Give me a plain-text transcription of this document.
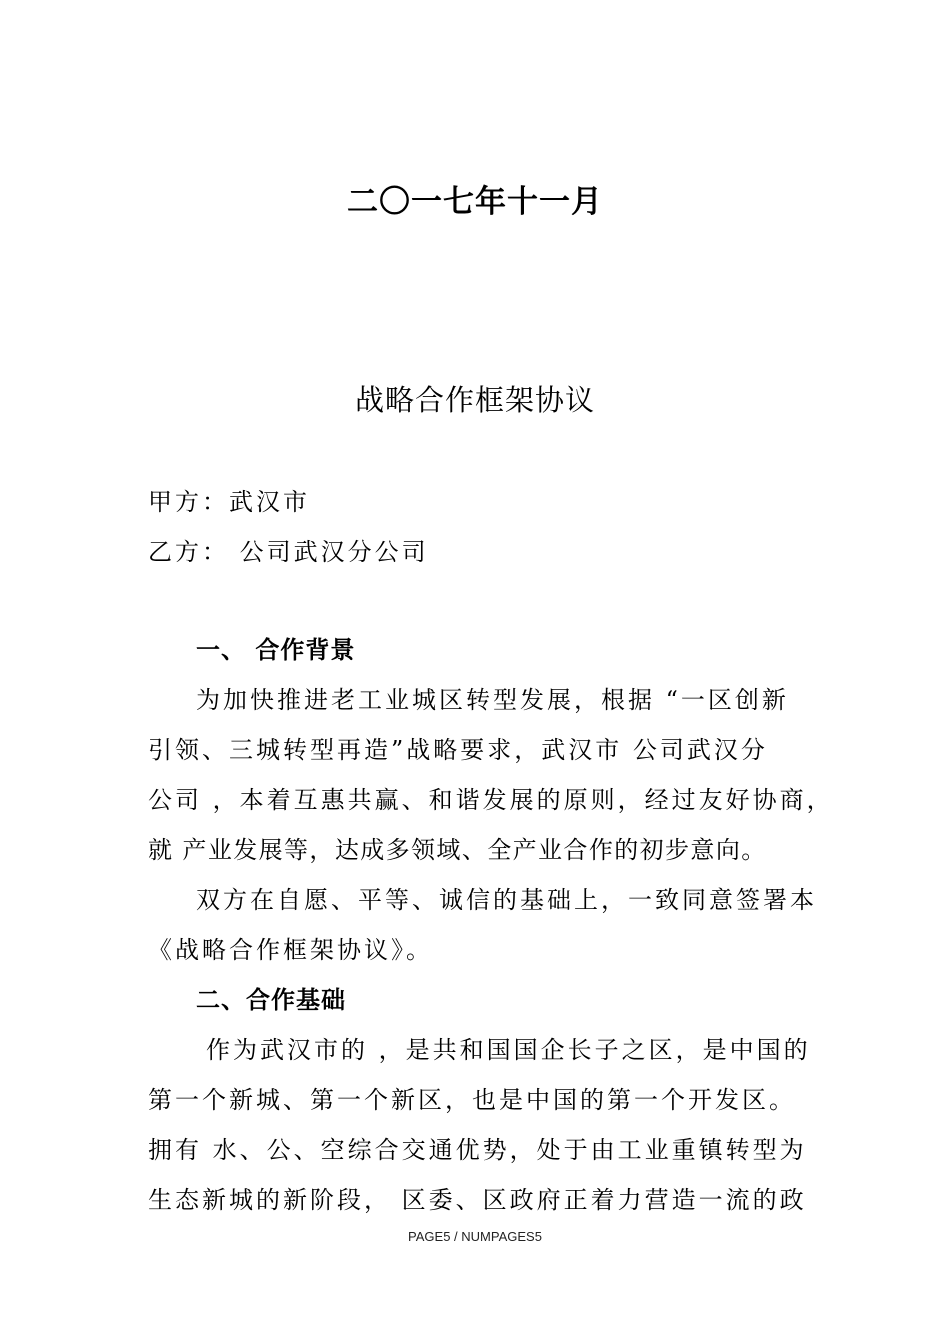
二〇一七年十一月
战略合作框架协议
甲方：武汉市
乙方： 公司武汉分公司
一、 合作背景
为加快推进老工业城区转型发展，根据 “一区创新
引领、三城转型再造”战略要求，武汉市 公司武汉分
公司 ，本着互惠共赢、和谐发展的原则，经过友好协商，
就 产业发展等，达成多领域、全产业合作的初步意向。
双方在自愿、平等、诚信的基础上，一致同意签署本
《战略合作框架协议》。
二、合作基础
作为武汉市的 ，是共和国国企长子之区，是中国的
第一个新城、第一个新区，也是中国的第一个开发区。
拥有 水、公、空综合交通优势，处于由工业重镇转型为
生态新城的新阶段， 区委、区政府正着力营造一流的政
PAGE5 / NUMPAGES5
